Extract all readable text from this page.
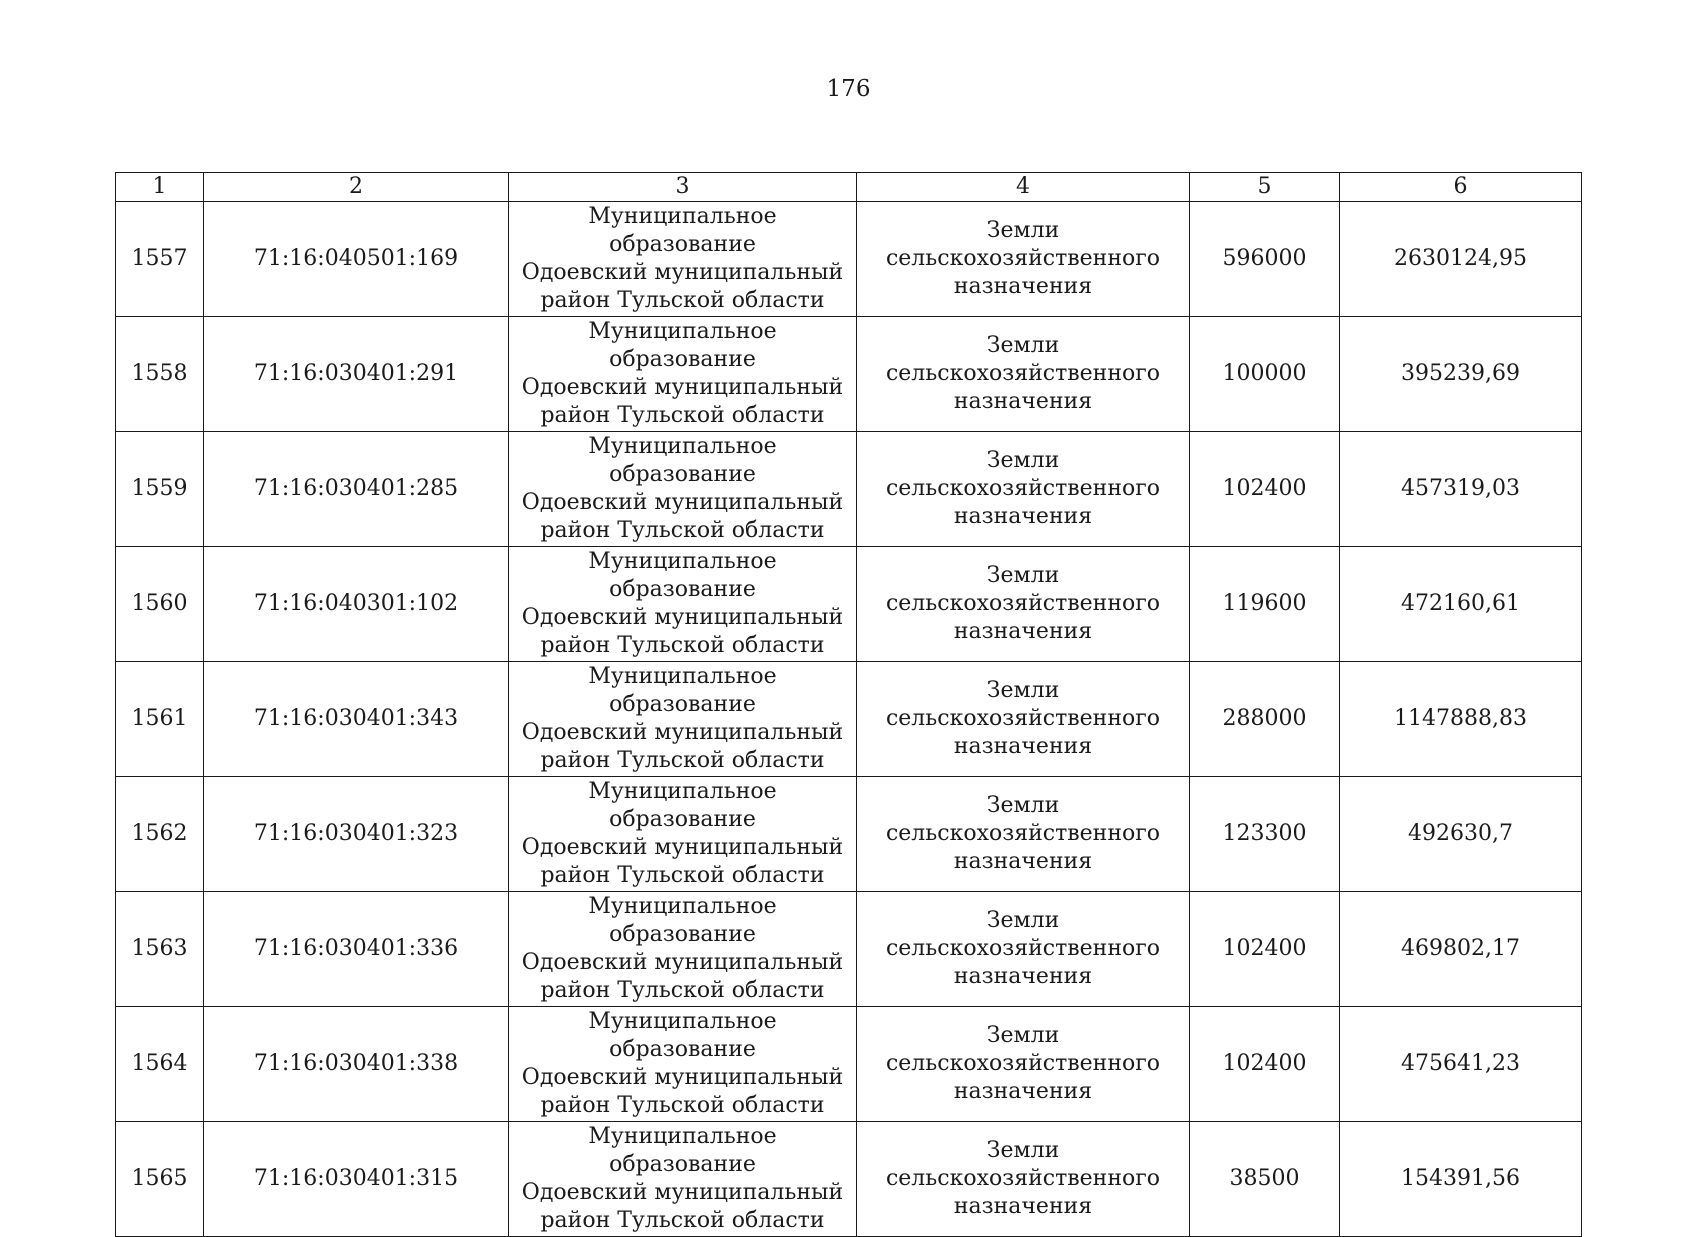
176
1	2	3	4	5	6
1557	71:16:040501:169	Муниципальное образование
Одоевский муниципальный
район Тульской области	Земли
сельскохозяйственного
назначения	596000	2630124,95
1558	71:16:030401:291	Муниципальное образование
Одоевский муниципальный
район Тульской области	Земли
сельскохозяйственного
назначения	100000	395239,69
1559	71:16:030401:285	Муниципальное образование
Одоевский муниципальный
район Тульской области	Земли
сельскохозяйственного
назначения	102400	457319,03
1560	71:16:040301:102	Муниципальное образование
Одоевский муниципальный
район Тульской области	Земли
сельскохозяйственного
назначения	119600	472160,61
1561	71:16:030401:343	Муниципальное образование
Одоевский муниципальный
район Тульской области	Земли
сельскохозяйственного
назначения	288000	1147888,83
1562	71:16:030401:323	Муниципальное образование
Одоевский муниципальный
район Тульской области	Земли
сельскохозяйственного
назначения	123300	492630,7
1563	71:16:030401:336	Муниципальное образование
Одоевский муниципальный
район Тульской области	Земли
сельскохозяйственного
назначения	102400	469802,17
1564	71:16:030401:338	Муниципальное образование
Одоевский муниципальный
район Тульской области	Земли
сельскохозяйственного
назначения	102400	475641,23
1565	71:16:030401:315	Муниципальное образование
Одоевский муниципальный
район Тульской области	Земли
сельскохозяйственного
назначения	38500	154391,56
